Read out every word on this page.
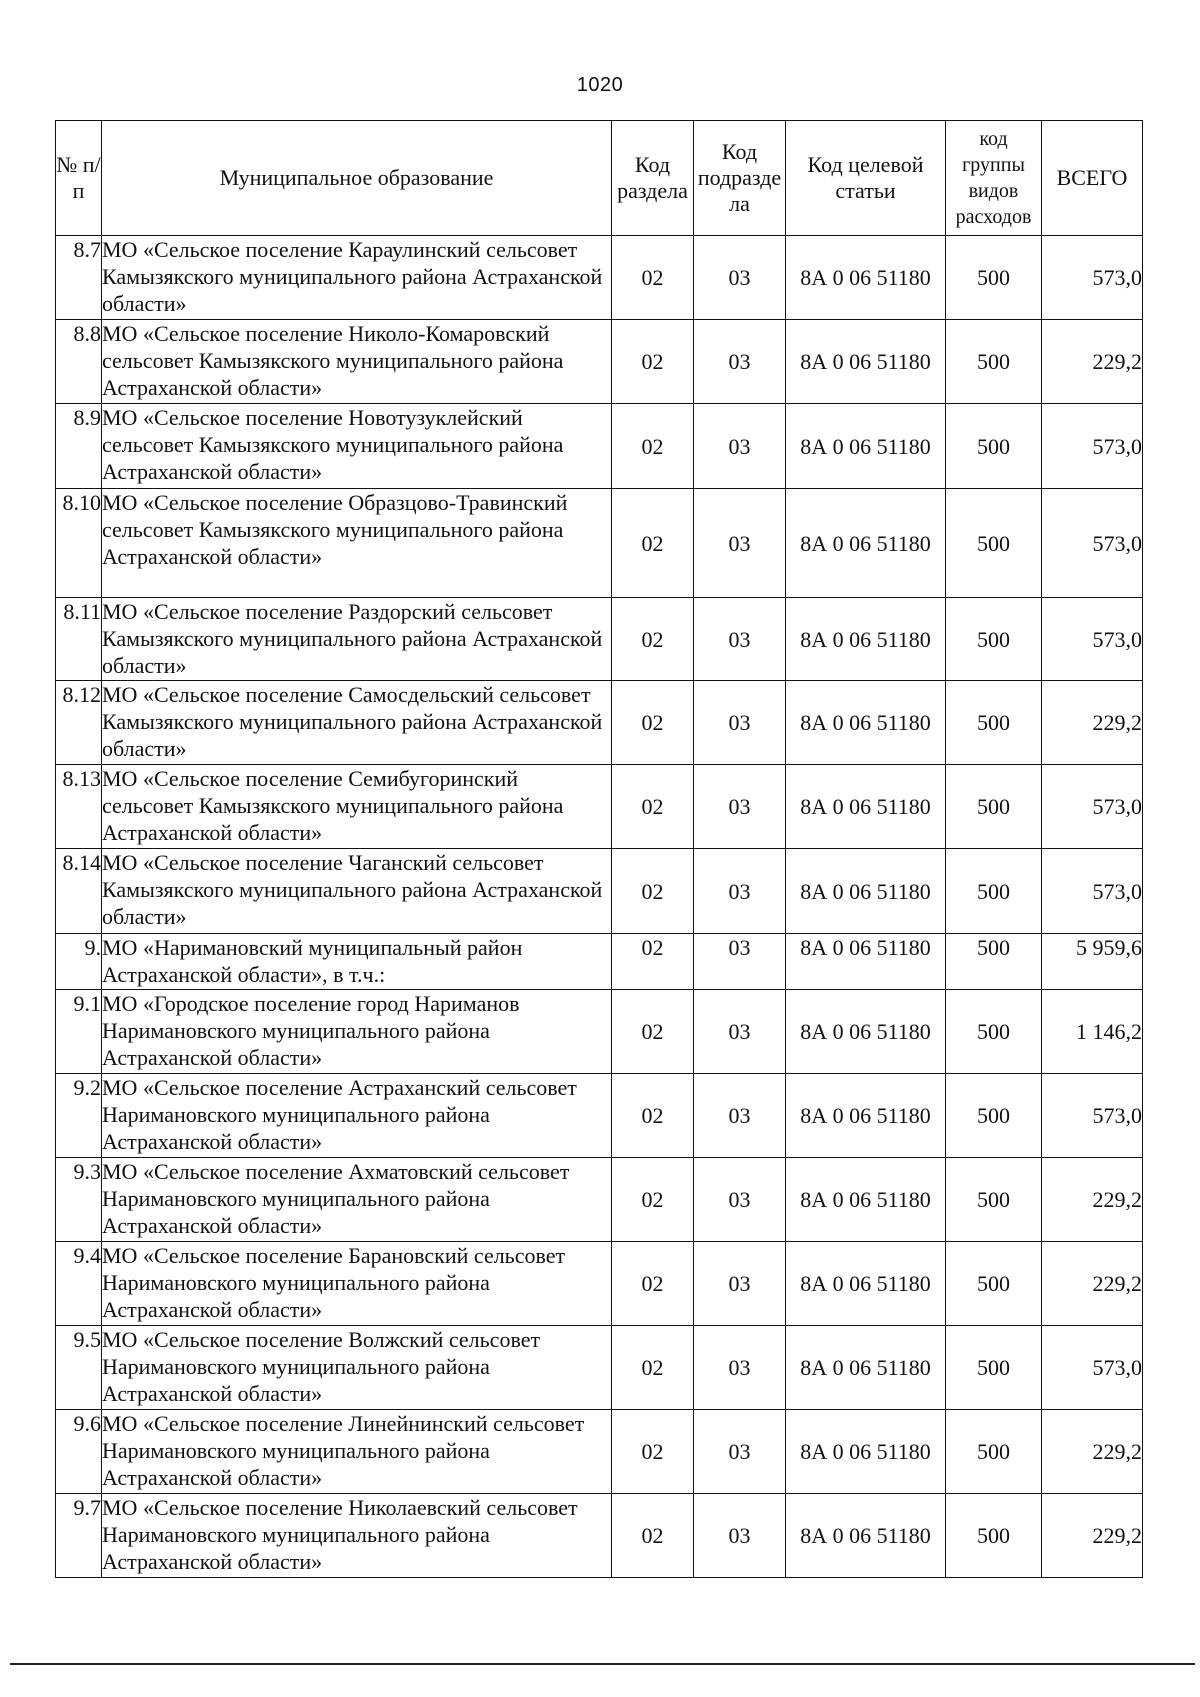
1020
№ п/п	Муниципальное образование	Код раздела	Код подразде ла	Код целевой статьи	код группы видов расходов	ВСЕГО
8.7	МО «Сельское поселение Караулинский сельсовет Камызякского муниципального района Астраханской области»	02	03	8А 0 06 51180	500	573,0
8.8	МО «Сельское поселение Николо-Комаровский сельсовет Камызякского муниципального района Астраханской области»	02	03	8А 0 06 51180	500	229,2
8.9	МО «Сельское поселение Новотузуклейский сельсовет Камызякского муниципального района Астраханской области»	02	03	8А 0 06 51180	500	573,0
8.10	МО «Сельское поселение Образцово-Травинский сельсовет Камызякского муниципального района Астраханской области»	02	03	8А 0 06 51180	500	573,0
8.11	МО «Сельское поселение Раздорский сельсовет Камызякского муниципального района Астраханской области»	02	03	8А 0 06 51180	500	573,0
8.12	МО «Сельское поселение Самосдельский сельсовет Камызякского муниципального района Астраханской области»	02	03	8А 0 06 51180	500	229,2
8.13	МО «Сельское поселение Семибугоринский сельсовет Камызякского муниципального района Астраханской области»	02	03	8А 0 06 51180	500	573,0
8.14	МО «Сельское поселение Чаганский сельсовет Камызякского муниципального района Астраханской области»	02	03	8А 0 06 51180	500	573,0
9.	МО «Наримановский муниципальный район Астраханской области», в т.ч.:	02	03	8А 0 06 51180	500	5 959,6
9.1	МО «Городское поселение город Нариманов Наримановского муниципального района Астраханской области»	02	03	8А 0 06 51180	500	1 146,2
9.2	МО «Сельское поселение Астраханский сельсовет Наримановского муниципального района Астраханской области»	02	03	8А 0 06 51180	500	573,0
9.3	МО «Сельское поселение Ахматовский сельсовет Наримановского муниципального района Астраханской области»	02	03	8А 0 06 51180	500	229,2
9.4	МО «Сельское поселение Барановский сельсовет Наримановского муниципального района Астраханской области»	02	03	8А 0 06 51180	500	229,2
9.5	МО «Сельское поселение Волжский сельсовет Наримановского муниципального района Астраханской области»	02	03	8А 0 06 51180	500	573,0
9.6	МО «Сельское поселение Линейнинский сельсовет Наримановского муниципального района Астраханской области»	02	03	8А 0 06 51180	500	229,2
9.7	МО «Сельское поселение Николаевский сельсовет Наримановского муниципального района Астраханской области»	02	03	8А 0 06 51180	500	229,2
